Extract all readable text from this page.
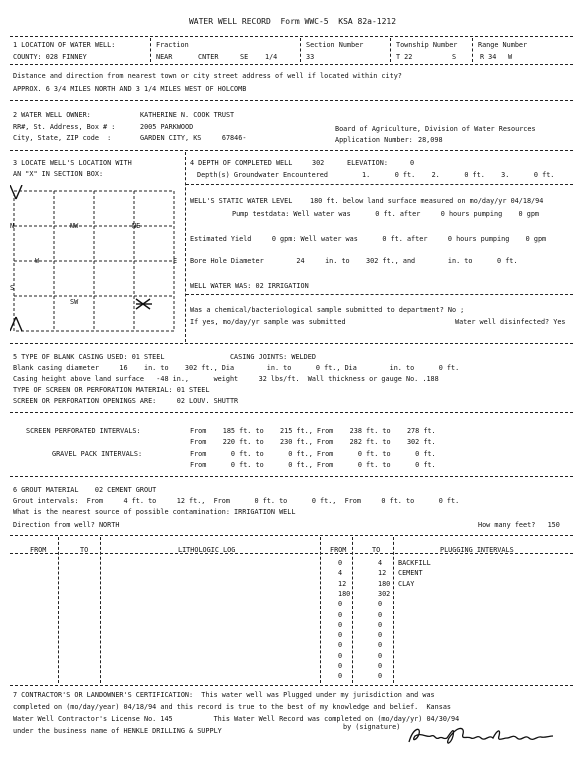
WATER WELL RECORD  Form WWC-5  KSA 82a-1212
1 LOCATION OF WATER WELL:	Fraction	Section Number	Township Number	Range Number
COUNTY: 028 FINNEY	NEAR	CNTER	SE 1/4	33	T 22	S	R 34 W
Distance and direction from nearest town or city street address of well if located within city?
APPROX. 6 3/4 MILES NORTH AND 3 1/4 MILES WEST OF HOLCOMB
2 WATER WELL OWNER:	KATHERINE N. COOK TRUST
RR#, St. Address, Box # :	2005 PARKWOOD
City, State, ZIP code  :	GARDEN CITY, KS     67846-
Board of Agriculture, Division of Water Resources
Application Number: 28,098
3 LOCATE WELL'S LOCATION WITH
AN "X" IN SECTION BOX:
NW	NE
SW
N
W	E
S
4 DEPTH OF COMPLETED WELL	302	ELEVATION:	0
Depth(s) Groundwater Encountered	1.      0 ft.    2.      0 ft.    3.      0 ft.
WELL'S STATIC WATER LEVEL 180 ft. below land surface measured on mo/day/yr 04/18/94
Pump testdata: Well water was      0 ft. after     0 hours pumping    0 gpm
Estimated Yield     0 gpm: Well water was      0 ft. after     0 hours pumping    0 gpm
Bore Hole Diameter        24     in. to    302 ft., and        in. to      0 ft.
WELL WATER WAS: 02 IRRIGATION
Was a chemical/bacteriological sample submitted to department? No ;
If yes, mo/day/yr sample was submitted	Water well disinfected? Yes
5 TYPE OF BLANK CASING USED: 01 STEEL                CASING JOINTS: WELDED
Blank casing diameter     16    in. to    302 ft., Dia        in. to      0 ft., Dia        in. to      0 ft.
Casing height above land surface   -48 in.,      weight     32 lbs/ft.  Wall thickness or gauge No. .188
TYPE OF SCREEN OR PERFORATION MATERIAL: 01 STEEL
SCREEN OR PERFORATION OPENINGS ARE:     02 LOUV. SHUTTR
SCREEN PERFORATED INTERVALS:	From    185 ft. to    215 ft., From    238 ft. to    278 ft.
From    220 ft. to    230 ft., From    282 ft. to    302 ft.
GRAVEL PACK INTERVALS:	From      0 ft. to      0 ft., From      0 ft. to      0 ft.
From      0 ft. to      0 ft., From      0 ft. to      0 ft.
6 GROUT MATERIAL    02 CEMENT GROUT
Grout intervals:  From     4 ft. to     12 ft.,  From      0 ft. to      0 ft.,  From     0 ft. to      0 ft.
What is the nearest source of possible contamination: IRRIGATION WELL
Direction from well? NORTH	How many feet?   150
FROM	TO	LITHOLOGIC LOG	FROM	TO	PLUGGING INTERVALS
0	4 BACKFILL
4	12 CEMENT
12	180 CLAY
180	302
0	0
0	0
0	0
0	0
0	0
0	0
0	0
0	0
7 CONTRACTOR'S OR LANDOWNER'S CERTIFICATION:  This water well was Plugged under my jurisdiction and was
completed on (mo/day/year) 04/18/94 and this record is true to the best of my knowledge and belief.  Kansas
Water Well Contractor's License No. 145          This Water Well Record was completed on (mo/day/yr) 04/30/94
under the business name of HENKLE DRILLING & SUPPLY	by (signature)
